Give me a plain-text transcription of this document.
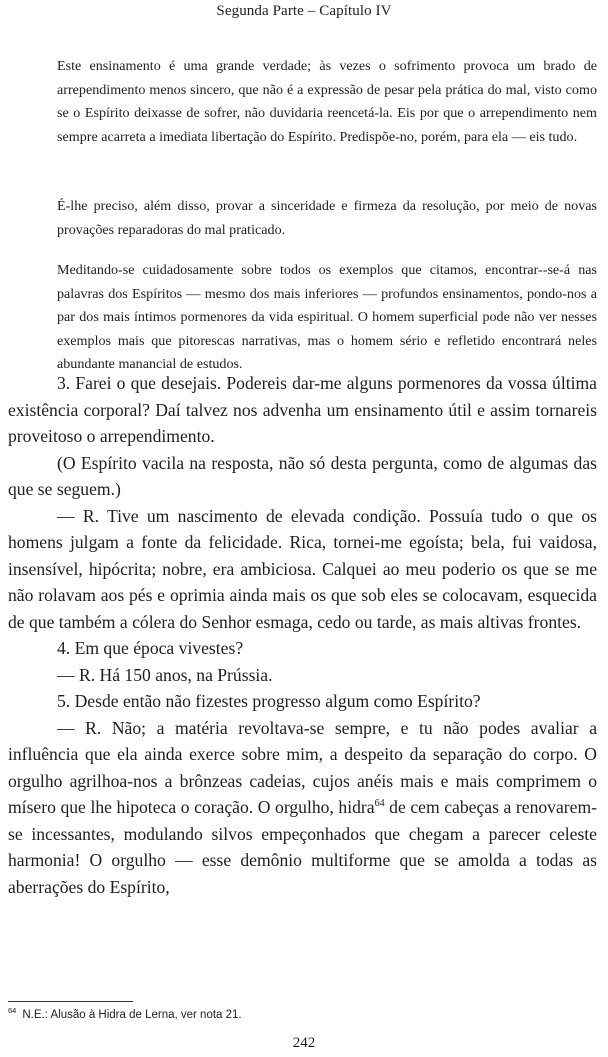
Segunda Parte – Capítulo IV

Este ensinamento é uma grande verdade; às vezes o sofrimento provoca um brado de arrependimento menos sincero, que não é a expressão de pesar pela prática do mal, visto como se o Espírito deixasse de sofrer, não duvidaria reencetá-la. Eis por que o arrependimento nem sempre acarreta a imediata libertação do Espírito. Predispõe-no, porém, para ela — eis tudo.

É-lhe preciso, além disso, provar a sinceridade e firmeza da resolução, por meio de novas provações reparadoras do mal praticado.

Meditando-se cuidadosamente sobre todos os exemplos que citamos, encontrar--se-á nas palavras dos Espíritos — mesmo dos mais inferiores — profundos ensinamentos, pondo-nos a par dos mais íntimos pormenores da vida espiritual. O homem superficial pode não ver nesses exemplos mais que pitorescas narrativas, mas o homem sério e refletido encontrará neles abundante manancial de estudos.

3. Farei o que desejais. Podereis dar-me alguns pormenores da vossa última existência corporal? Daí talvez nos advenha um ensinamento útil e assim tornareis proveitoso o arrependimento.

(O Espírito vacila na resposta, não só desta pergunta, como de algumas das que se seguem.)

— R. Tive um nascimento de elevada condição. Possuía tudo o que os homens julgam a fonte da felicidade. Rica, tornei-me egoísta; bela, fui vaidosa, insensível, hipócrita; nobre, era ambiciosa. Calquei ao meu poderio os que se me não rolavam aos pés e oprimia ainda mais os que sob eles se colocavam, esquecida de que também a cólera do Senhor esmaga, cedo ou tarde, as mais altivas frontes.

4. Em que época vivestes?

— R. Há 150 anos, na Prússia.

5. Desde então não fizestes progresso algum como Espírito?

— R. Não; a matéria revoltava-se sempre, e tu não podes avaliar a influência que ela ainda exerce sobre mim, a despeito da separação do corpo. O orgulho agrilhoa-nos a brônzeas cadeias, cujos anéis mais e mais comprimem o mísero que lhe hipoteca o coração. O orgulho, hidra$^{64}$ de cem cabeças a renovarem-se incessantes, modulando silvos empeçonhados que chegam a parecer celeste harmonia! O orgulho — esse demônio multiforme que se amolda a todas as aberrações do Espírito,

$^{64}$ N.E.: Alusão à Hidra de Lerna, ver nota 21.
242
